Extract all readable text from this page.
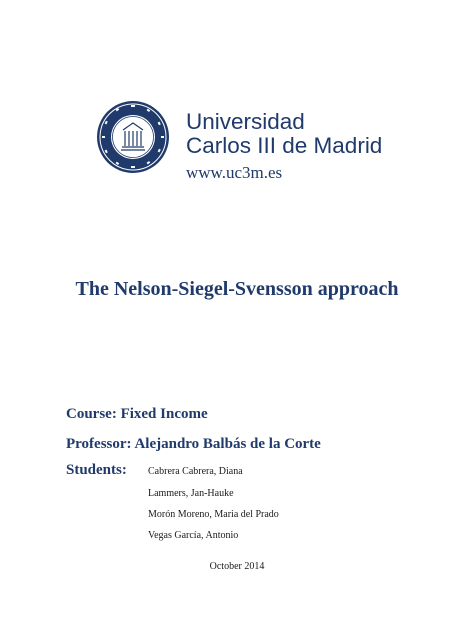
Universidad
Carlos III de Madrid
www.uc3m.es
The Nelson-Siegel-Svensson approach
Course: Fixed Income
Professor: Alejandro Balbás de la Corte
Students: Cabrera Cabrera, Diana
Lammers, Jan-Hauke
Morón Moreno, Maria del Prado
Vegas García, Antonio
October 2014
